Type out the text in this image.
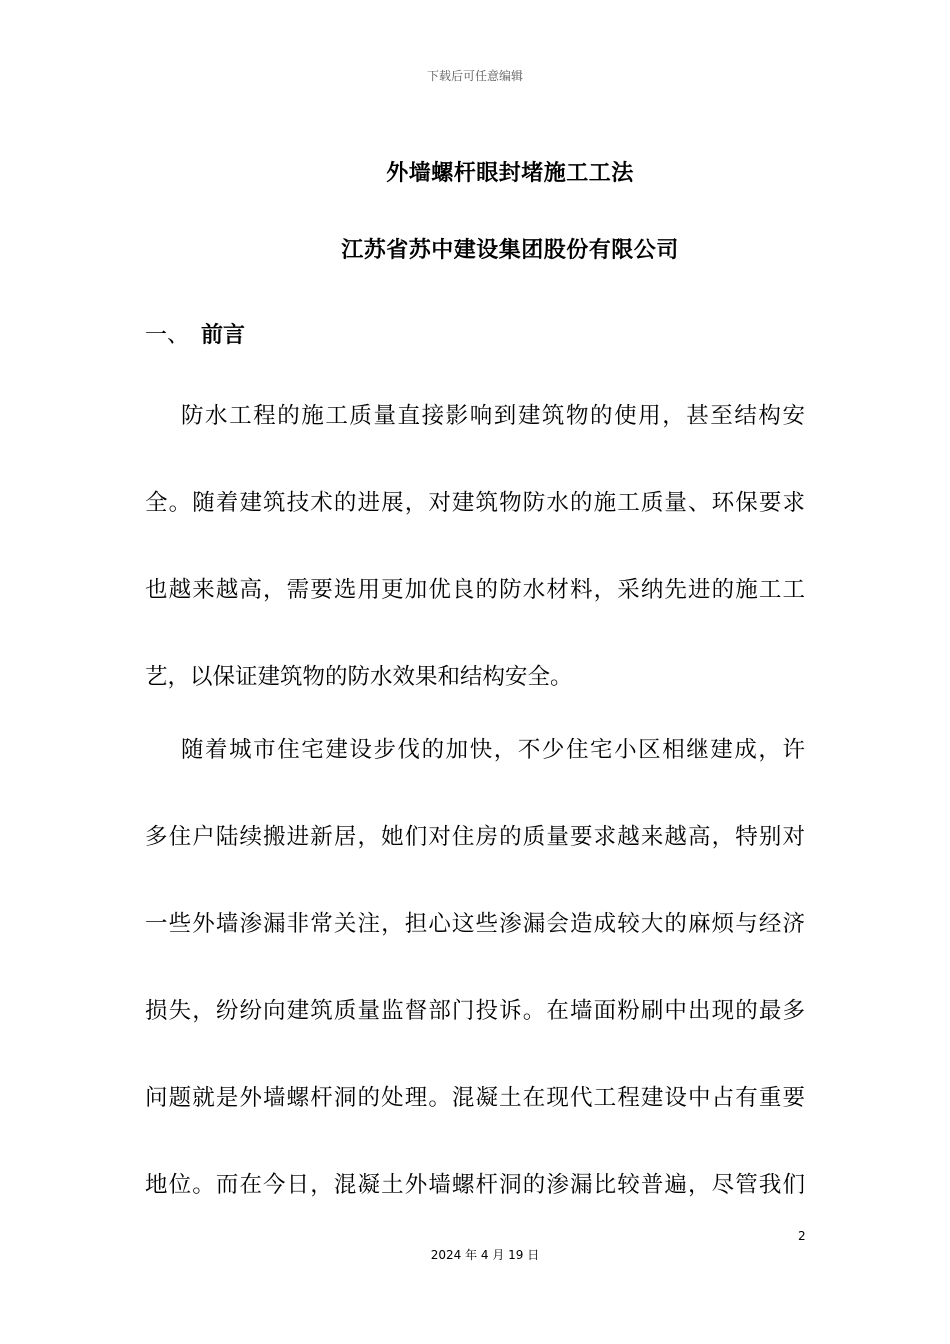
下载后可任意编辑
外墙螺杆眼封堵施工工法
江苏省苏中建设集团股份有限公司
一、 前言
防水工程的施工质量直接影响到建筑物的使用，甚至结构安
全。随着建筑技术的进展，对建筑物防水的施工质量、环保要求
也越来越高，需要选用更加优良的防水材料，采纳先进的施工工
艺，以保证建筑物的防水效果和结构安全。
随着城市住宅建设步伐的加快，不少住宅小区相继建成，许
多住户陆续搬进新居，她们对住房的质量要求越来越高，特别对
一些外墙渗漏非常关注，担心这些渗漏会造成较大的麻烦与经济
损失，纷纷向建筑质量监督部门投诉。在墙面粉刷中出现的最多
问题就是外墙螺杆洞的处理。混凝土在现代工程建设中占有重要
地位。而在今日，混凝土外墙螺杆洞的渗漏比较普遍，尽管我们
2
2024 年 4 月 19 日
